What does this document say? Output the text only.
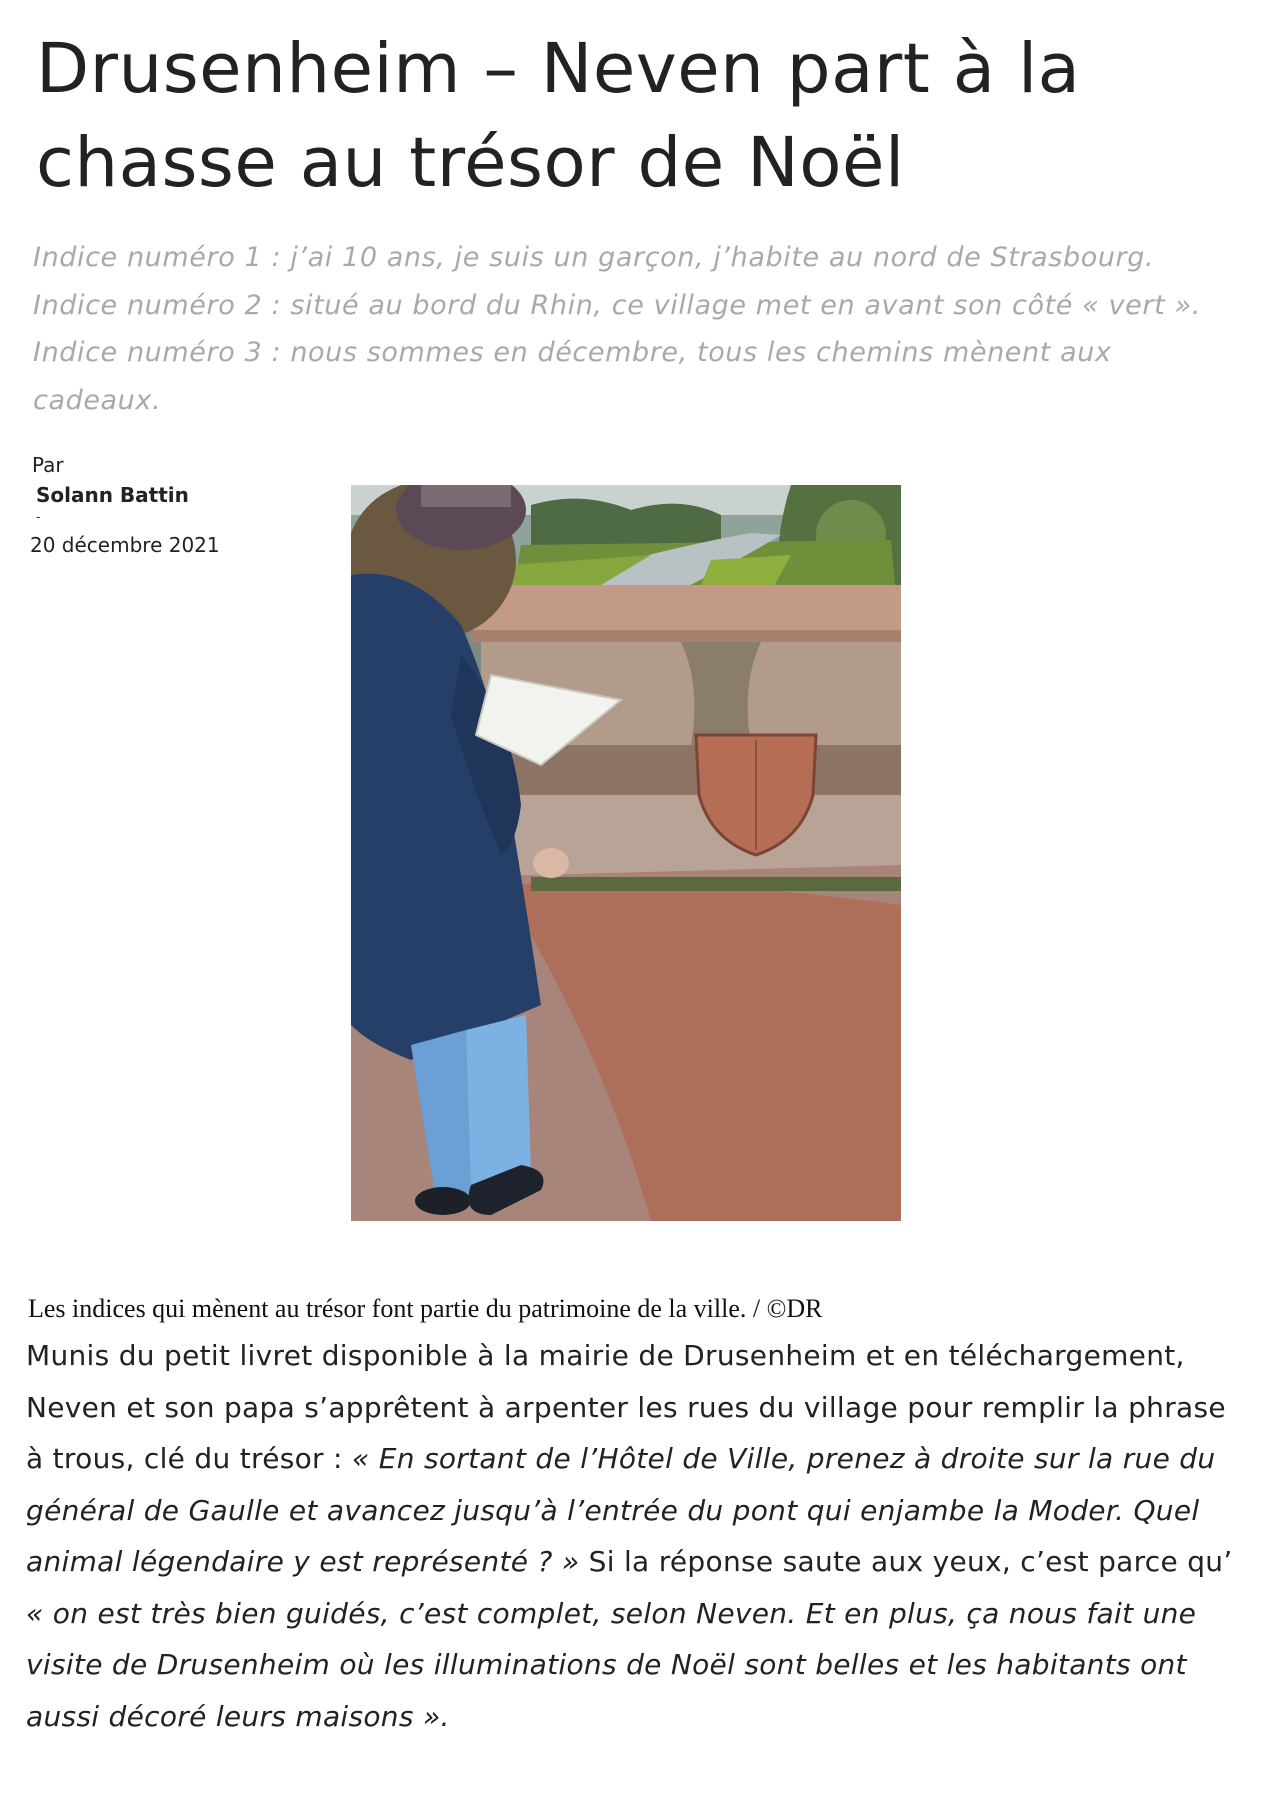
Drusenheim – Neven part à la chasse au trésor de Noël

Indice numéro 1 : j’ai 10 ans, je suis un garçon, j’habite au nord de Strasbourg. Indice numéro 2 : situé au bord du Rhin, ce village met en avant son côté « vert ». Indice numéro 3 : nous sommes en décembre, tous les chemins mènent aux cadeaux.

Par
Solann Battin
-
20 décembre 2021

Les indices qui mènent au trésor font partie du patrimoine de la ville. / ©DR

Munis du petit livret disponible à la mairie de Drusenheim et en téléchargement, Neven et son papa s’apprêtent à arpenter les rues du village pour remplir la phrase à trous, clé du trésor : « En sortant de l’Hôtel de Ville, prenez à droite sur la rue du général de Gaulle et avancez jusqu’à l’entrée du pont qui enjambe la Moder. Quel animal légendaire y est représenté ? » Si la réponse saute aux yeux, c’est parce qu’ « on est très bien guidés, c’est complet, selon Neven. Et en plus, ça nous fait une visite de Drusenheim où les illuminations de Noël sont belles et les habitants ont aussi décoré leurs maisons ».
